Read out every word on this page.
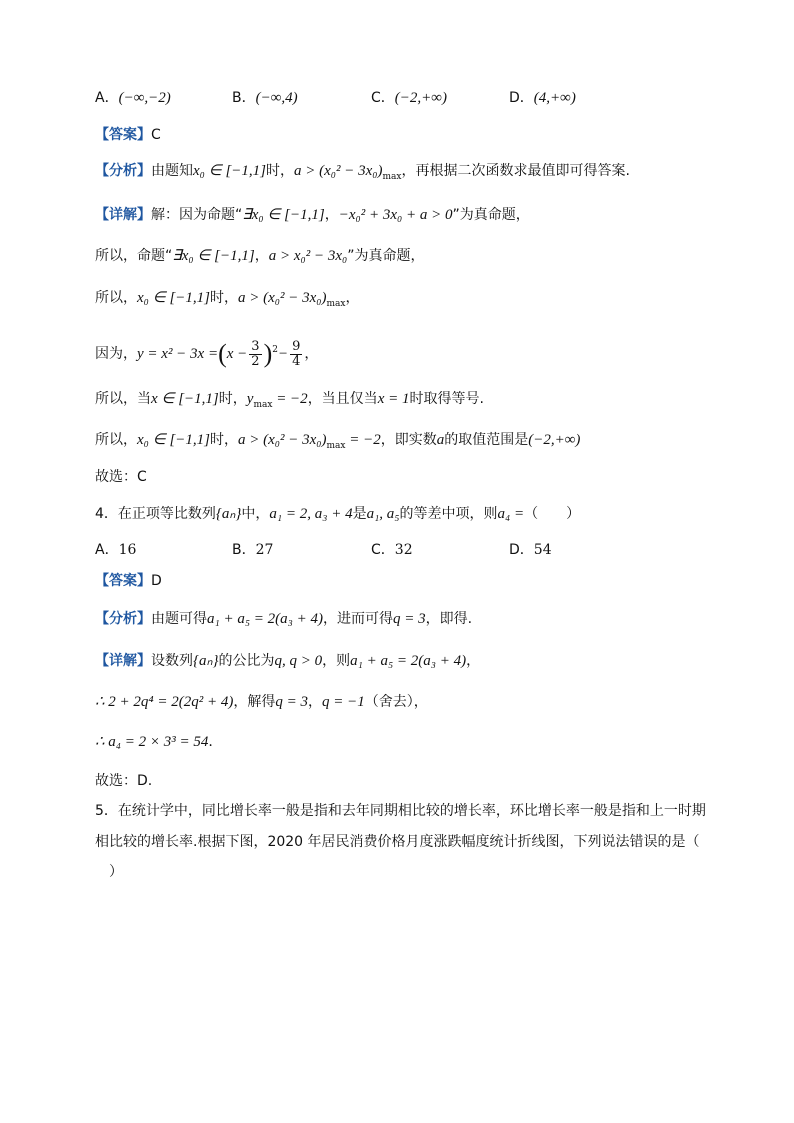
A．(−∞,−2)	B．(−∞,4)	C．(−2,+∞)	D．(4,+∞)
【答案】C
【分析】由题知x₀ ∈ [−1,1]时，$a > (x_0^2 - 3x_0)_{max}$，再根据二次函数求最值即可得答案.
【详解】解：因为命题“∃x₀ ∈ [−1,1]，−x₀² + 3x₀ + a > 0”为真命题，
所以，命题“∃x₀ ∈ [−1,1]，a > x₀² − 3x₀”为真命题，
所以，x₀ ∈ [−1,1]时，$a > (x_0^2 - 3x_0)_{max}$，
因为，$y = x^2 - 3x =(x - \frac{3}{2} )^2- \frac{9}{4}$ ，
所以，当x ∈ [−1,1]时，$y_{max} = -2$，当且仅当x = 1时取得等号.
所以，x₀ ∈ [−1,1]时，$a > (x_0^2 - 3x_0)_{max} = -2$，即实数a的取值范围是(−2,+∞)
故选：C
4．在正项等比数列{aₙ}中，a₁ = 2, a₃ + 4是a₁, a₅的等差中项，则a₄ =（　　）
A．16	B．27	C．32	D．54
【答案】D
【分析】由题可得a₁ + a₅ = 2(a₃ + 4)，进而可得q = 3，即得.
【详解】设数列{aₙ}的公比为q, q > 0，则a₁ + a₅ = 2(a₃ + 4)，
∴ 2 + 2q⁴ = 2(2q² + 4)，解得q = 3，q = −1（舍去），
∴ a₄ = 2 × 3³ = 54.
故选：D.
5．在统计学中，同比增长率一般是指和去年同期相比较的增长率，环比增长率一般是指和上一时期
相比较的增长率.根据下图，2020 年居民消费价格月度涨跌幅度统计折线图，下列说法错误的是（
）
